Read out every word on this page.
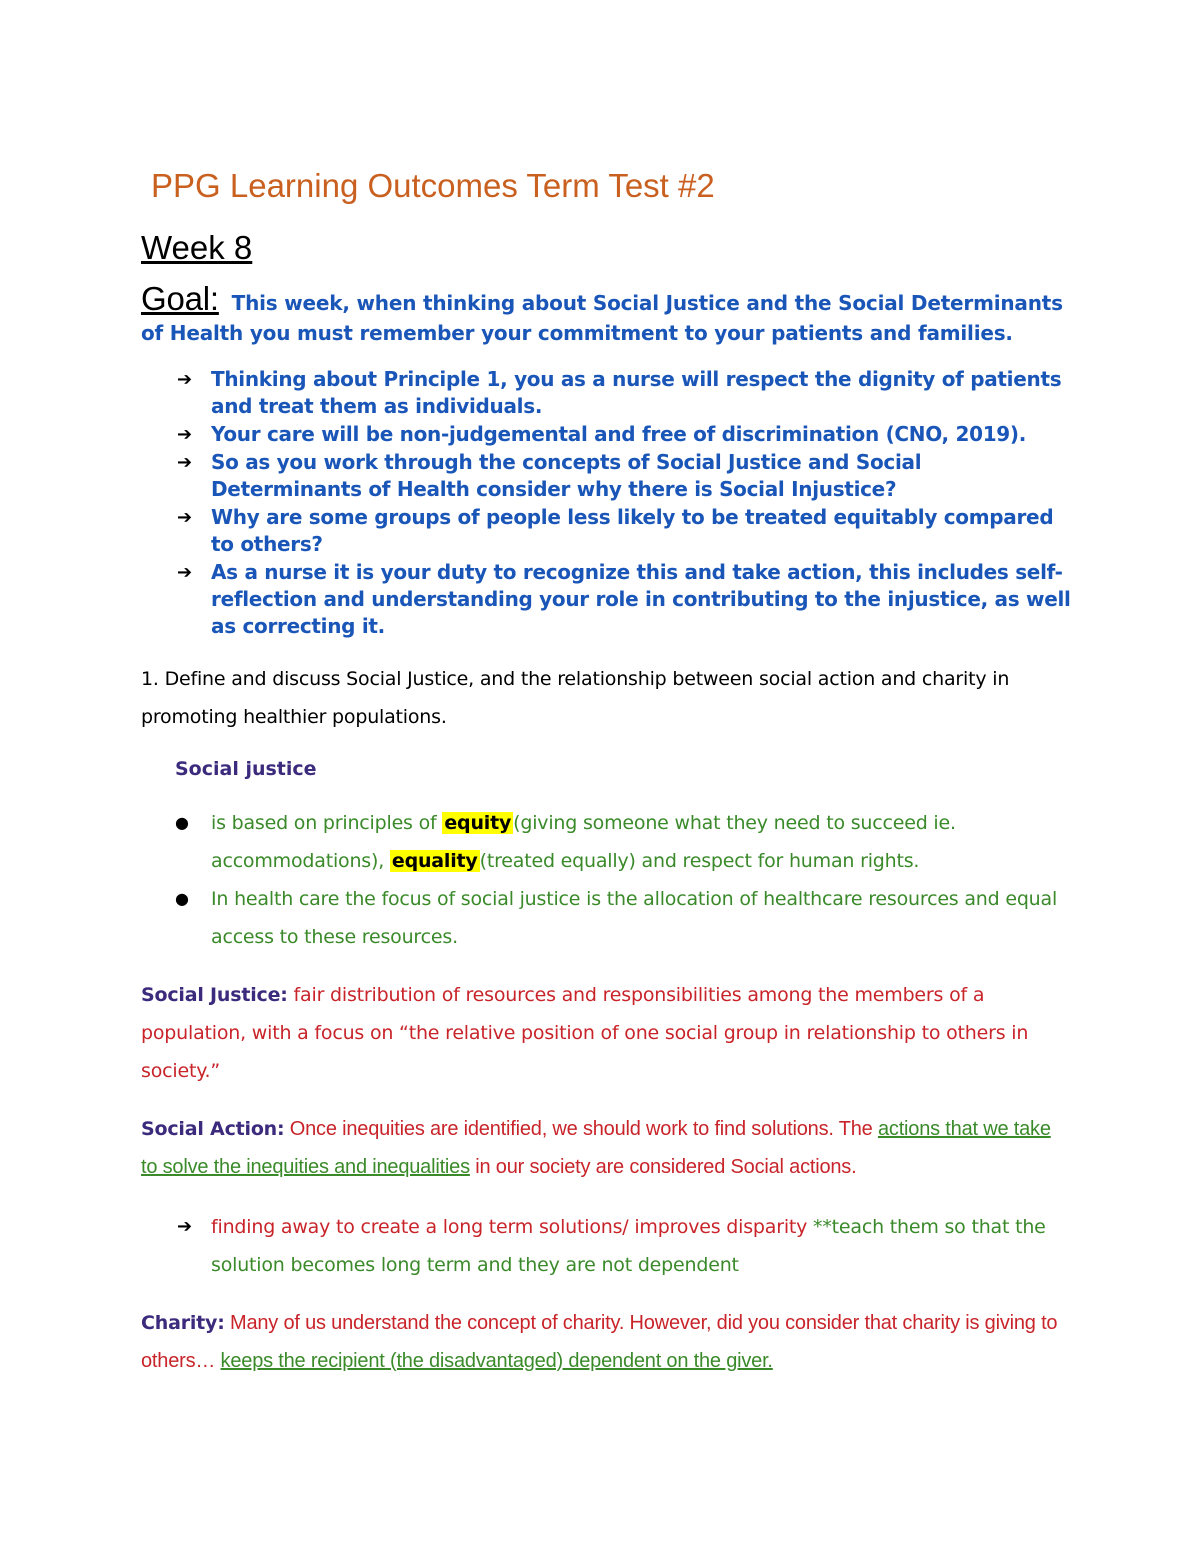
PPG Learning Outcomes Term Test #2
Week 8

Goal: This week, when thinking about Social Justice and the Social Determinants of Health you must remember your commitment to your patients and families.

➔ Thinking about Principle 1, you as a nurse will respect the dignity of patients and treat them as individuals.
➔ Your care will be non-judgemental and free of discrimination (CNO, 2019).
➔ So as you work through the concepts of Social Justice and Social Determinants of Health consider why there is Social Injustice?
➔ Why are some groups of people less likely to be treated equitably compared to others?
➔ As a nurse it is your duty to recognize this and take action, this includes self-reflection and understanding your role in contributing to the injustice, as well as correcting it.

1. Define and discuss Social Justice, and the relationship between social action and charity in promoting healthier populations.

Social justice

● is based on principles of equity (giving someone what they need to succeed ie. accommodations), equality (treated equally) and respect for human rights.
● In health care the focus of social justice is the allocation of healthcare resources and equal access to these resources.

Social Justice: fair distribution of resources and responsibilities among the members of a population, with a focus on “the relative position of one social group in relationship to others in society.”

Social Action: Once inequities are identified, we should work to find solutions. The actions that we take to solve the inequities and inequalities in our society are considered Social actions.

➔ finding away to create a long term solutions/ improves disparity **teach them so that the solution becomes long term and they are not dependent

Charity: Many of us understand the concept of charity. However, did you consider that charity is giving to others… keeps the recipient (the disadvantaged) dependent on the giver.
